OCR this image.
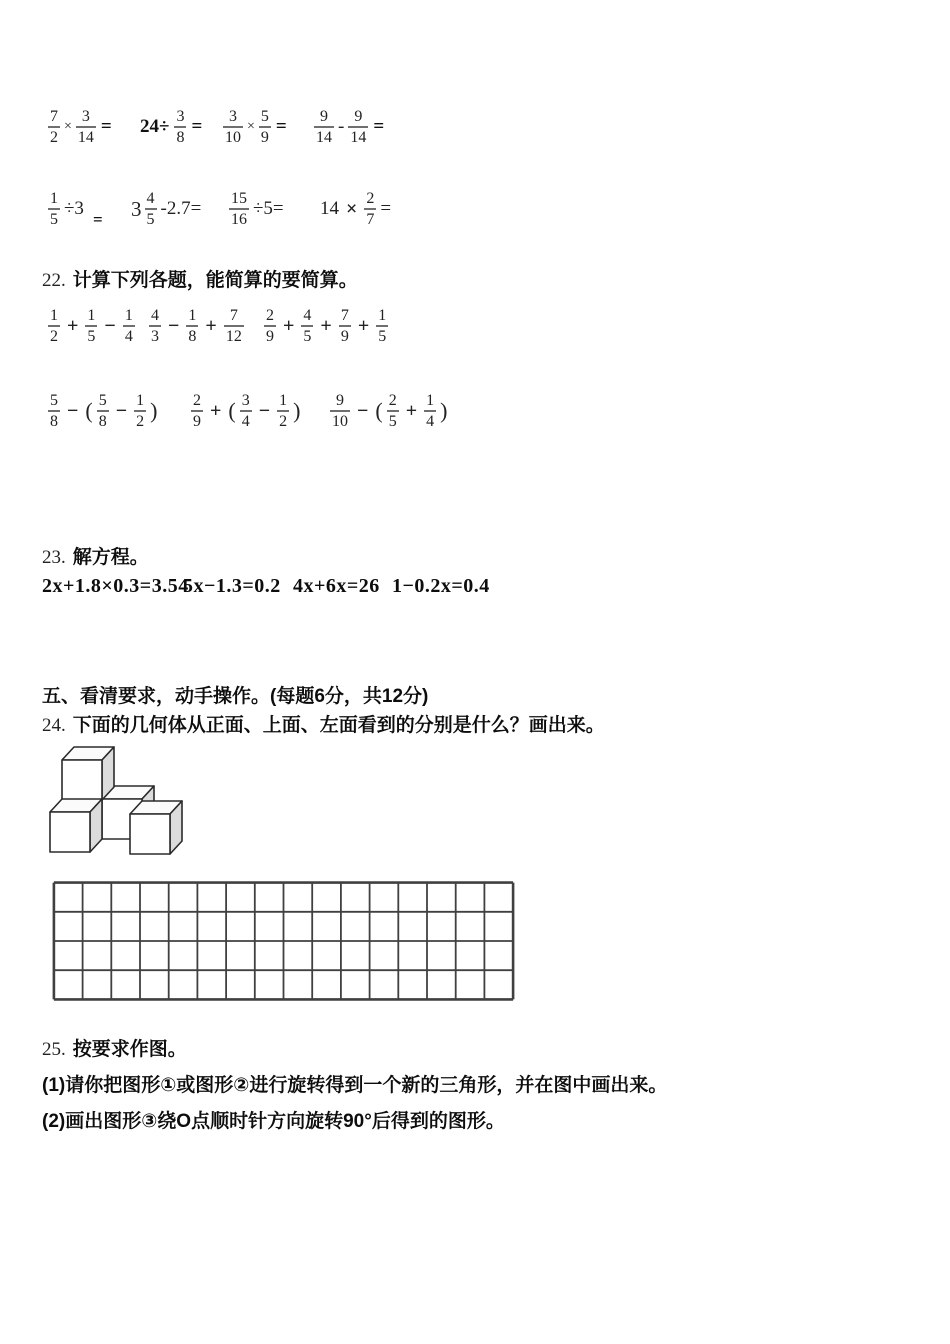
$\frac{7}{2} \times \frac{3}{14} = 24\div \frac{3}{8} = \frac{3}{10} \times \frac{5}{9} = \frac{9}{14} - \frac{9}{14}$ =
$\frac{1}{5} \div 3$
= $3 \frac{4}{5} -2.7= \frac{15}{16} \div 5= 14 \times \frac{2}{7}$ =
22. 计算下列各题，能简算的要简算。
$\frac{1}{2} + \frac{1}{5} - \frac{1}{4} \frac{4}{3} - \frac{1}{8} + \frac{7}{12} \frac{2}{9} + \frac{4}{5} + \frac{7}{9} + \frac{1}{5}$
$\frac{5}{8}$ − ( $\frac{5}{8} - \frac{1}{2}$ ) $\frac{2}{9}$ + ( $\frac{3}{4} - \frac{1}{2}$ ) $\frac{9}{10}$ − ( $\frac{2}{5} + \frac{1}{4}$ )
23. 解方程。
2x+1.8×0.3=3.54
5x−1.3=0.2 4x+6x=26 1−0.2x=0.4
五、看清要求，动手操作。(每题6分，共12分)
24. 下面的几何体从正面、上面、左面看到的分别是什么？画出来。
25. 按要求作图。
(1)请你把图形①或图形②进行旋转得到一个新的三角形，并在图中画出来。
(2)画出图形③绕O点顺时针方向旋转90°后得到的图形。
